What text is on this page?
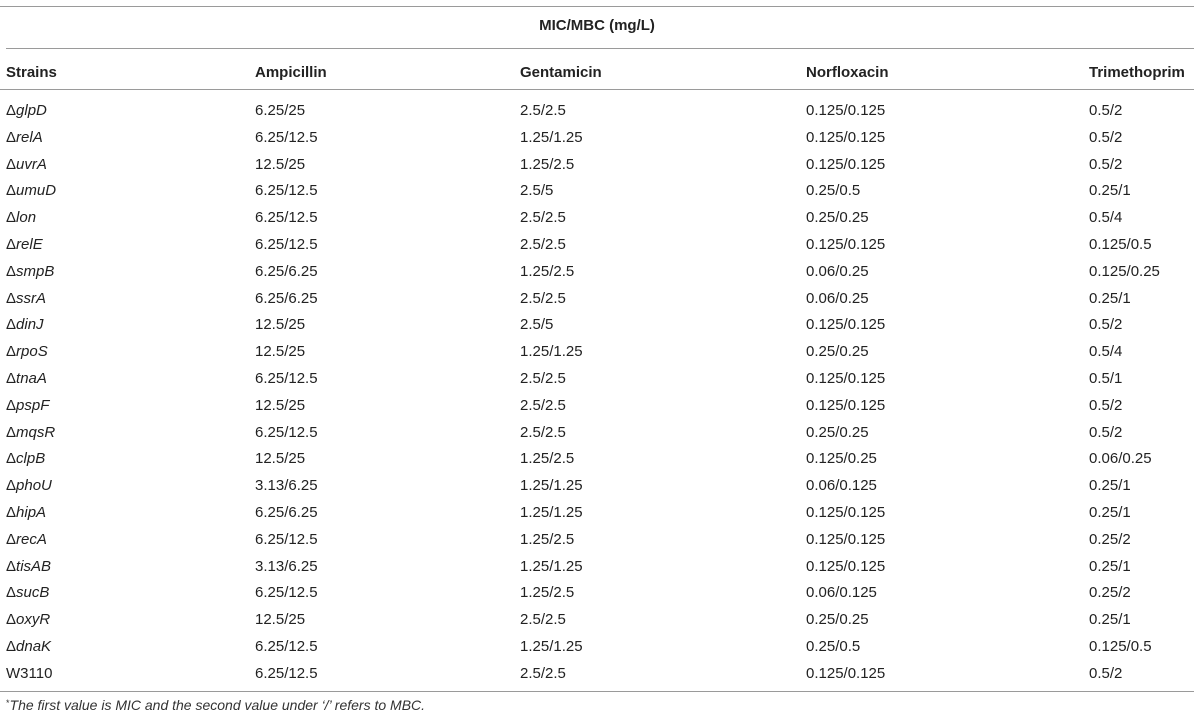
MIC/MBC (mg/L)
Strains	Ampicillin	Gentamicin	Norfloxacin	Trimethoprim
ΔglpD	6.25/25	2.5/2.5	0.125/0.125	0.5/2
ΔrelA	6.25/12.5	1.25/1.25	0.125/0.125	0.5/2
ΔuvrA	12.5/25	1.25/2.5	0.125/0.125	0.5/2
ΔumuD	6.25/12.5	2.5/5	0.25/0.5	0.25/1
Δlon	6.25/12.5	2.5/2.5	0.25/0.25	0.5/4
ΔrelE	6.25/12.5	2.5/2.5	0.125/0.125	0.125/0.5
ΔsmpB	6.25/6.25	1.25/2.5	0.06/0.25	0.125/0.25
ΔssrA	6.25/6.25	2.5/2.5	0.06/0.25	0.25/1
ΔdinJ	12.5/25	2.5/5	0.125/0.125	0.5/2
ΔrpoS	12.5/25	1.25/1.25	0.25/0.25	0.5/4
ΔtnaA	6.25/12.5	2.5/2.5	0.125/0.125	0.5/1
ΔpspF	12.5/25	2.5/2.5	0.125/0.125	0.5/2
ΔmqsR	6.25/12.5	2.5/2.5	0.25/0.25	0.5/2
ΔclpB	12.5/25	1.25/2.5	0.125/0.25	0.06/0.25
ΔphoU	3.13/6.25	1.25/1.25	0.06/0.125	0.25/1
ΔhipA	6.25/6.25	1.25/1.25	0.125/0.125	0.25/1
ΔrecA	6.25/12.5	1.25/2.5	0.125/0.125	0.25/2
ΔtisAB	3.13/6.25	1.25/1.25	0.125/0.125	0.25/1
ΔsucB	6.25/12.5	1.25/2.5	0.06/0.125	0.25/2
ΔoxyR	12.5/25	2.5/2.5	0.25/0.25	0.25/1
ΔdnaK	6.25/12.5	1.25/1.25	0.25/0.5	0.125/0.5
W3110	6.25/12.5	2.5/2.5	0.125/0.125	0.5/2
*The first value is MIC and the second value under ‘/’ refers to MBC.
